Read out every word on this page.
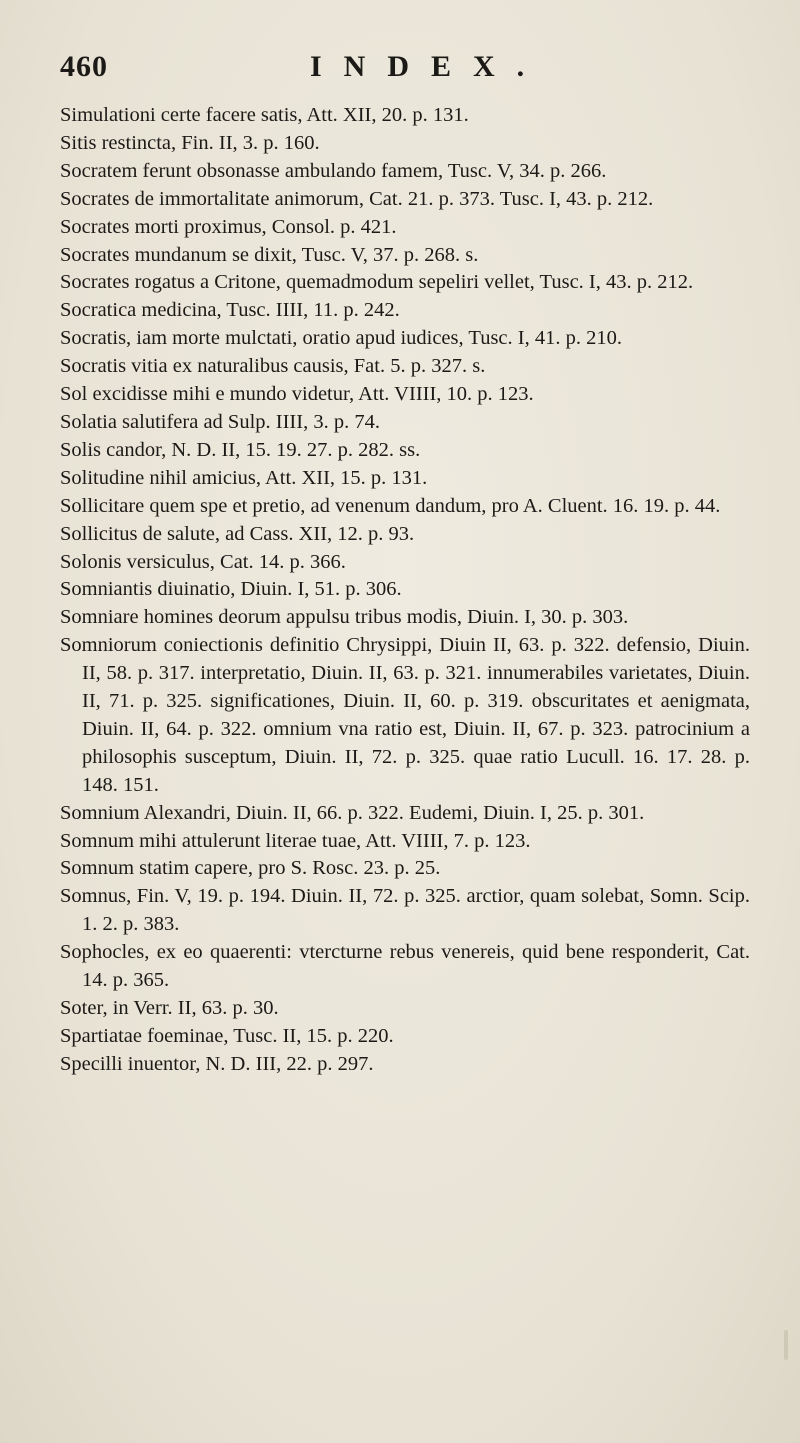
460	INDEX.

Simulationi certe facere satis, Att. XII, 20. p. 131.

Sitis restincta, Fin. II, 3. p. 160.

Socratem ferunt obsonasse ambulando famem, Tusc. V, 34. p. 266.

Socrates de immortalitate animorum, Cat. 21. p. 373. Tusc. I, 43. p. 212.

Socrates morti proximus, Consol. p. 421.

Socrates mundanum se dixit, Tusc. V, 37. p. 268. s.

Socrates rogatus a Critone, quemadmodum sepeliri vellet, Tusc. I, 43. p. 212.

Socratica medicina, Tusc. IIII, 11. p. 242.

Socratis, iam morte mulctati, oratio apud iudices, Tusc. I, 41. p. 210.

Socratis vitia ex naturalibus causis, Fat. 5. p. 327. s.

Sol excidisse mihi e mundo videtur, Att. VIIII, 10. p. 123.

Solatia salutifera ad Sulp. IIII, 3. p. 74.

Solis candor, N. D. II, 15. 19. 27. p. 282. ss.

Solitudine nihil amicius, Att. XII, 15. p. 131.

Sollicitare quem spe et pretio, ad venenum dandum, pro A. Cluent. 16. 19. p. 44.

Sollicitus de salute, ad Cass. XII, 12. p. 93.

Solonis versiculus, Cat. 14. p. 366.

Somniantis diuinatio, Diuin. I, 51. p. 306.

Somniare homines deorum appulsu tribus modis, Diuin. I, 30. p. 303.

Somniorum coniectionis definitio Chrysippi, Diuin II, 63. p. 322. defensio, Diuin. II, 58. p. 317. interpretatio, Diuin. II, 63. p. 321. innumerabiles varietates, Diuin. II, 71. p. 325. significationes, Diuin. II, 60. p. 319. obscuritates et aenigmata, Diuin. II, 64. p. 322. omnium vna ratio est, Diuin. II, 67. p. 323. patrocinium a philosophis susceptum, Diuin. II, 72. p. 325. quae ratio Lucull. 16. 17. 28. p. 148. 151.

Somnium Alexandri, Diuin. II, 66. p. 322. Eudemi, Diuin. I, 25. p. 301.

Somnum mihi attulerunt literae tuae, Att. VIIII, 7. p. 123.

Somnum statim capere, pro S. Rosc. 23. p. 25.

Somnus, Fin. V, 19. p. 194. Diuin. II, 72. p. 325. arctior, quam solebat, Somn. Scip. 1. 2. p. 383.

Sophocles, ex eo quaerenti: vtercturne rebus venereis, quid bene responderit, Cat. 14. p. 365.

Soter, in Verr. II, 63. p. 30.

Spartiatae foeminae, Tusc. II, 15. p. 220.

Specilli inuentor, N. D. III, 22. p. 297.
